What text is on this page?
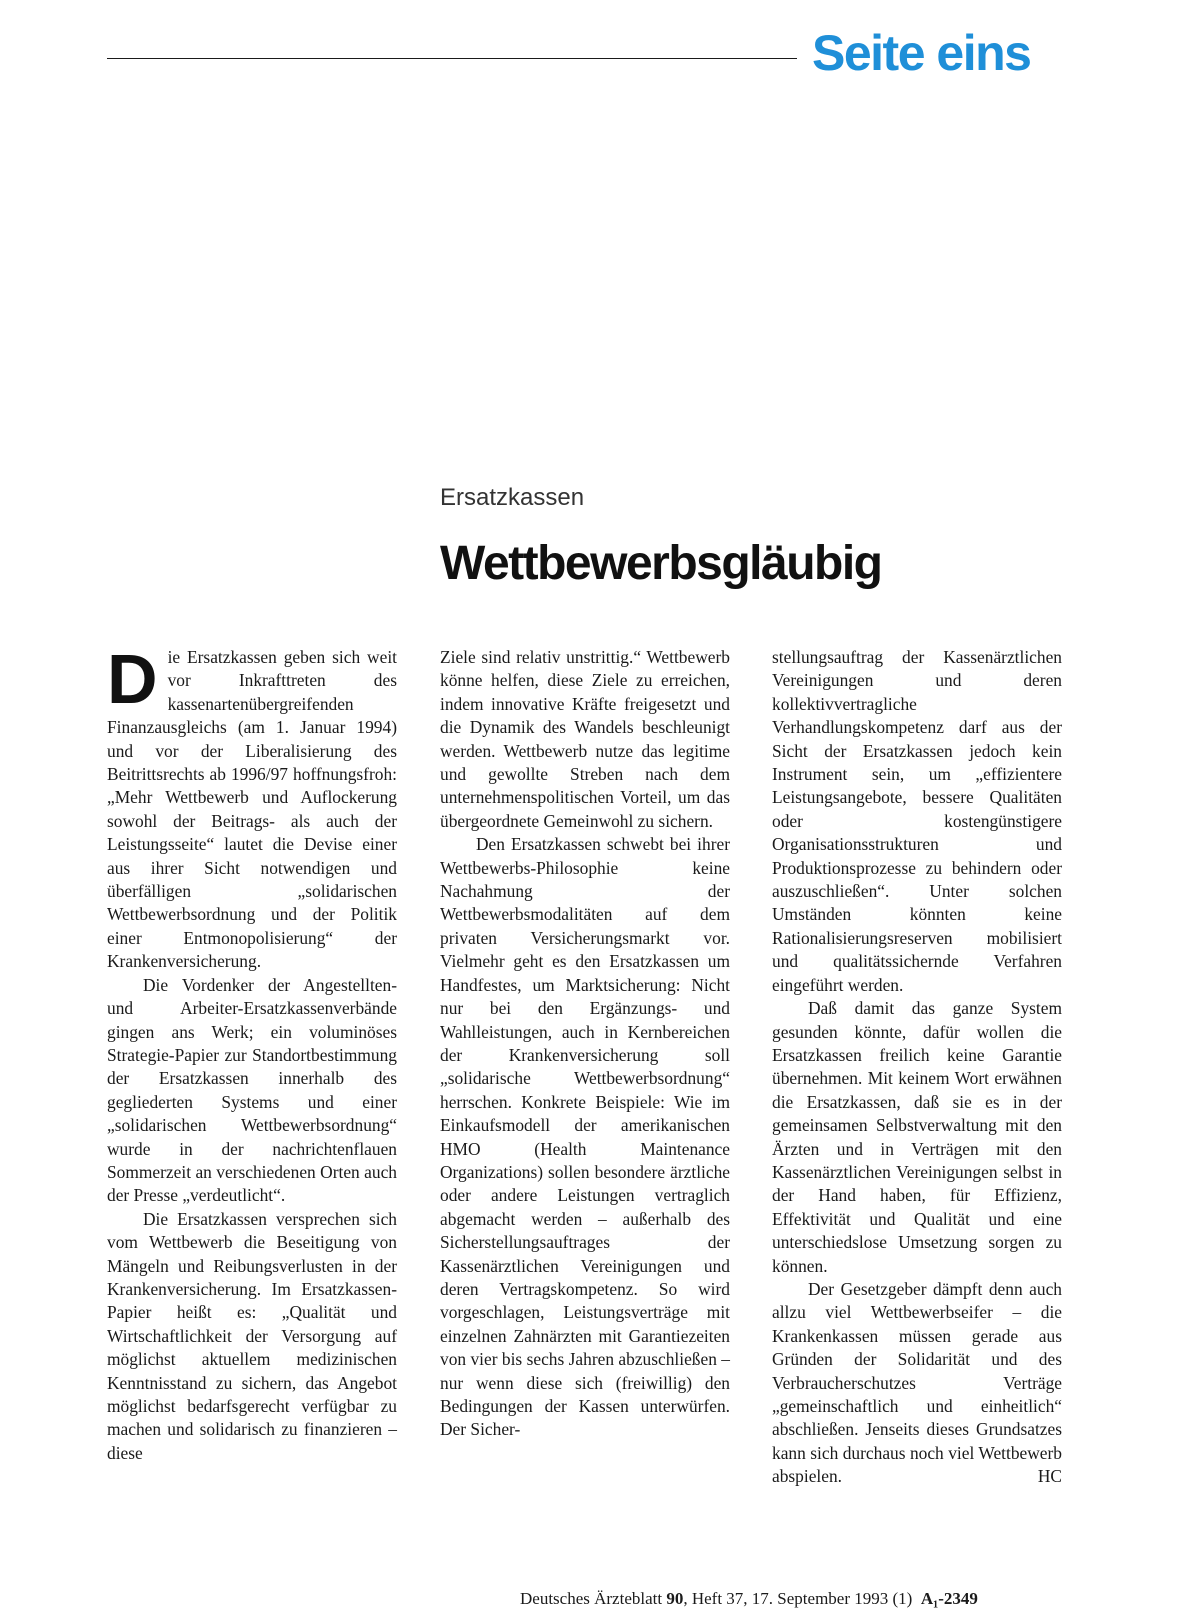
Seite eins
Ersatzkassen
Wettbewerbsgläubig

Die Ersatzkassen geben sich weit vor Inkrafttreten des kassenartenübergreifenden Finanzausgleichs (am 1. Januar 1994) und vor der Liberalisierung des Beitrittsrechts ab 1996/97 hoffnungsfroh: „Mehr Wettbewerb und Auflockerung sowohl der Beitrags- als auch der Leistungsseite“ lautet die Devise einer aus ihrer Sicht notwendigen und überfälligen „solidarischen Wettbewerbsordnung und der Politik einer Entmonopolisierung“ der Krankenversicherung.

Die Vordenker der Angestellten- und Arbeiter-Ersatzkassenverbände gingen ans Werk; ein voluminöses Strategie-Papier zur Standortbestimmung der Ersatzkassen innerhalb des gegliederten Systems und einer „solidarischen Wettbewerbsordnung“ wurde in der nachrichtenflauen Sommerzeit an verschiedenen Orten auch der Presse „verdeutlicht“.

Die Ersatzkassen versprechen sich vom Wettbewerb die Beseitigung von Mängeln und Reibungsverlusten in der Krankenversicherung. Im Ersatzkassen-Papier heißt es: „Qualität und Wirtschaftlichkeit der Versorgung auf möglichst aktuellem medizinischen Kenntnisstand zu sichern, das Angebot möglichst bedarfsgerecht verfügbar zu machen und solidarisch zu finanzieren – diese

Ziele sind relativ unstrittig.“ Wettbewerb könne helfen, diese Ziele zu erreichen, indem innovative Kräfte freigesetzt und die Dynamik des Wandels beschleunigt werden. Wettbewerb nutze das legitime und gewollte Streben nach dem unternehmenspolitischen Vorteil, um das übergeordnete Gemeinwohl zu sichern.

Den Ersatzkassen schwebt bei ihrer Wettbewerbs-Philosophie keine Nachahmung der Wettbewerbsmodalitäten auf dem privaten Versicherungsmarkt vor. Vielmehr geht es den Ersatzkassen um Handfestes, um Marktsicherung: Nicht nur bei den Ergänzungs- und Wahlleistungen, auch in Kernbereichen der Krankenversicherung soll „solidarische Wettbewerbsordnung“ herrschen. Konkrete Beispiele: Wie im Einkaufsmodell der amerikanischen HMO (Health Maintenance Organizations) sollen besondere ärztliche oder andere Leistungen vertraglich abgemacht werden – außerhalb des Sicherstellungsauftrages der Kassenärztlichen Vereinigungen und deren Vertragskompetenz. So wird vorgeschlagen, Leistungsverträge mit einzelnen Zahnärzten mit Garantiezeiten von vier bis sechs Jahren abzuschließen – nur wenn diese sich (freiwillig) den Bedingungen der Kassen unterwürfen. Der Sicher-

stellungsauftrag der Kassenärztlichen Vereinigungen und deren kollektivvertragliche Verhandlungskompetenz darf aus der Sicht der Ersatzkassen jedoch kein Instrument sein, um „effizientere Leistungsangebote, bessere Qualitäten oder kostengünstigere Organisationsstrukturen und Produktionsprozesse zu behindern oder auszuschließen“. Unter solchen Umständen könnten keine Rationalisierungsreserven mobilisiert und qualitätssichernde Verfahren eingeführt werden.

Daß damit das ganze System gesunden könnte, dafür wollen die Ersatzkassen freilich keine Garantie übernehmen. Mit keinem Wort erwähnen die Ersatzkassen, daß sie es in der gemeinsamen Selbstverwaltung mit den Ärzten und in Verträgen mit den Kassenärztlichen Vereinigungen selbst in der Hand haben, für Effizienz, Effektivität und Qualität und eine unterschiedslose Umsetzung sorgen zu können.

Der Gesetzgeber dämpft denn auch allzu viel Wettbewerbseifer – die Krankenkassen müssen gerade aus Gründen der Solidarität und des Verbraucherschutzes Verträge „gemeinschaftlich und einheitlich“ abschließen. Jenseits dieses Grundsatzes kann sich durchaus noch viel Wettbewerb abspielen.	HC

Deutsches Ärzteblatt 90, Heft 37, 17. September 1993 (1) A₁-2349
